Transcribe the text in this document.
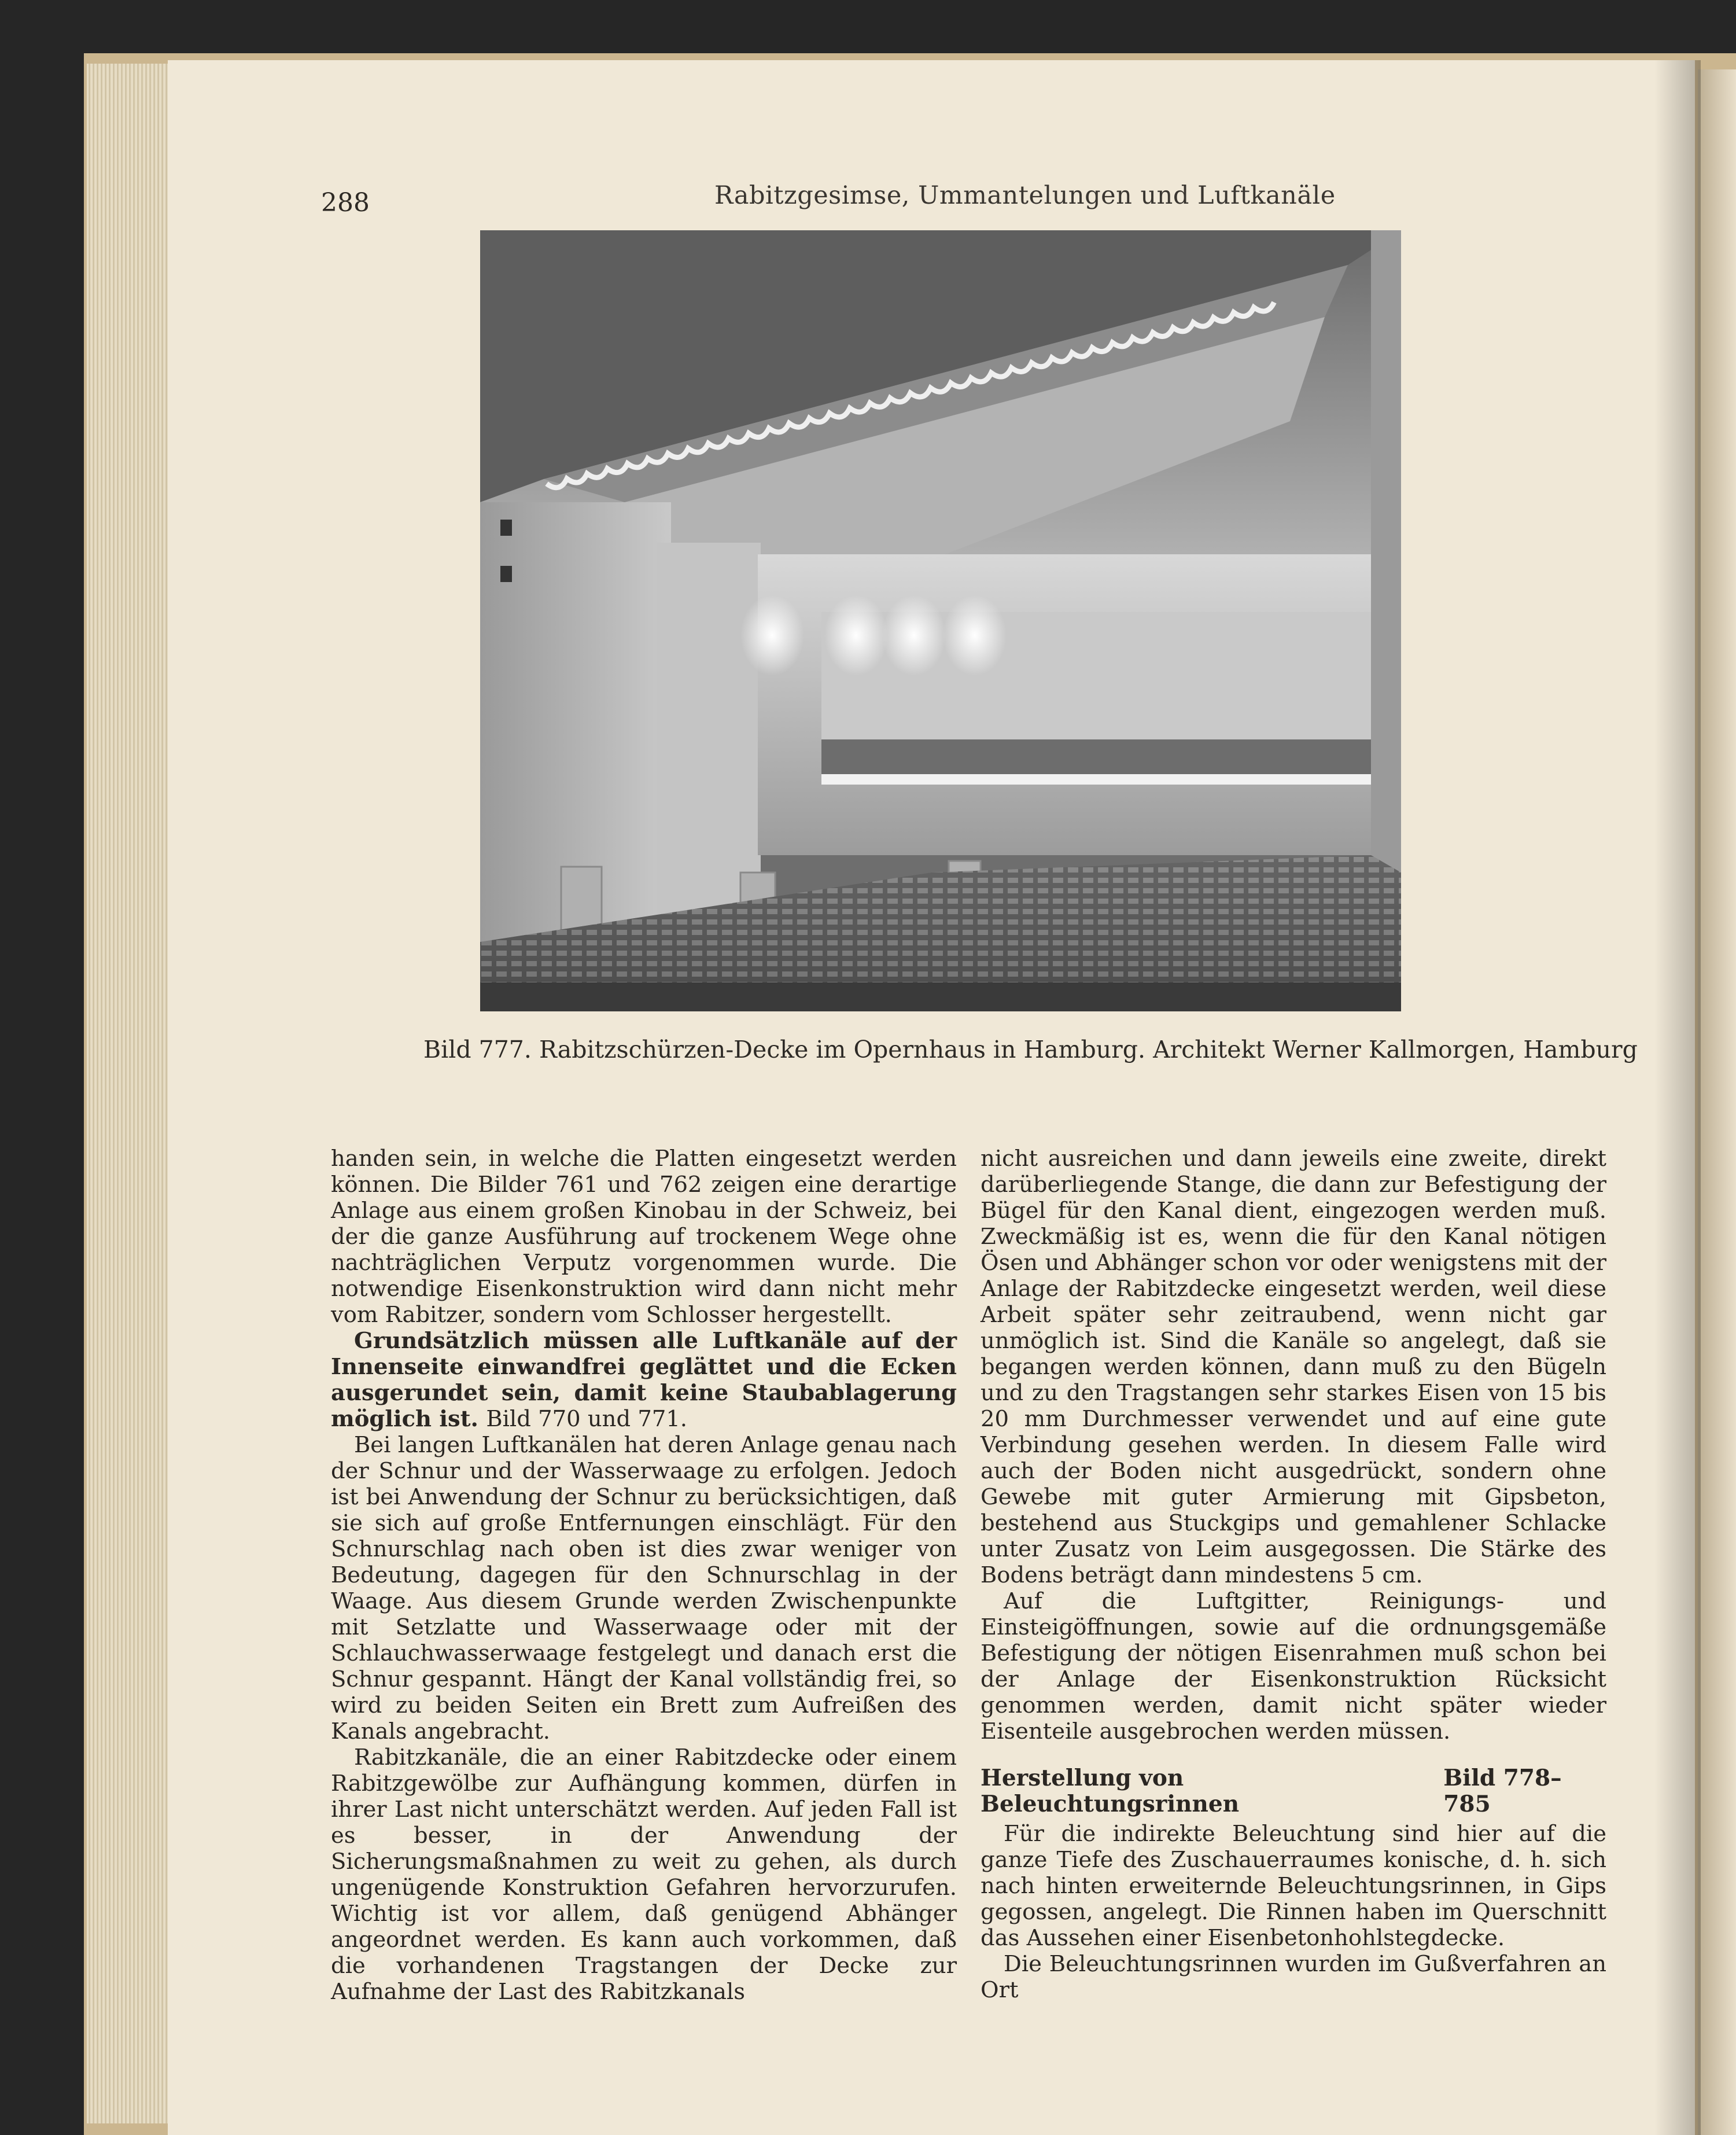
288	Rabitzgesimse, Ummantelungen und Luftkanäle
Bild 777. Rabitzschürzen-Decke im Opernhaus in Hamburg. Architekt Werner Kallmorgen, Hamburg

handen sein, in welche die Platten eingesetzt werden können. Die Bilder 761 und 762 zeigen eine derartige Anlage aus einem großen Kinobau in der Schweiz, bei der die ganze Ausführung auf trockenem Wege ohne nachträglichen Verputz vorgenommen wurde. Die notwendige Eisenkonstruktion wird dann nicht mehr vom Rabitzer, sondern vom Schlosser hergestellt.

Grundsätzlich müssen alle Luftkanäle auf der Innenseite einwandfrei geglättet und die Ecken ausgerundet sein, damit keine Staubablagerung möglich ist. Bild 770 und 771.

Bei langen Luftkanälen hat deren Anlage genau nach der Schnur und der Wasserwaage zu erfolgen. Jedoch ist bei Anwendung der Schnur zu berücksichtigen, daß sie sich auf große Entfernungen einschlägt. Für den Schnurschlag nach oben ist dies zwar weniger von Bedeutung, dagegen für den Schnurschlag in der Waage. Aus diesem Grunde werden Zwischenpunkte mit Setzlatte und Wasserwaage oder mit der Schlauchwasserwaage festgelegt und danach erst die Schnur gespannt. Hängt der Kanal vollständig frei, so wird zu beiden Seiten ein Brett zum Aufreißen des Kanals angebracht.

Rabitzkanäle, die an einer Rabitzdecke oder einem Rabitzgewölbe zur Aufhängung kommen, dürfen in ihrer Last nicht unterschätzt werden. Auf jeden Fall ist es besser, in der Anwendung der Sicherungsmaßnahmen zu weit zu gehen, als durch ungenügende Konstruktion Gefahren hervorzurufen. Wichtig ist vor allem, daß genügend Abhänger angeordnet werden. Es kann auch vorkommen, daß die vorhandenen Tragstangen der Decke zur Aufnahme der Last des Rabitzkanals

nicht ausreichen und dann jeweils eine zweite, direkt darüberliegende Stange, die dann zur Befestigung der Bügel für den Kanal dient, eingezogen werden muß. Zweckmäßig ist es, wenn die für den Kanal nötigen Ösen und Abhänger schon vor oder wenigstens mit der Anlage der Rabitzdecke eingesetzt werden, weil diese Arbeit später sehr zeitraubend, wenn nicht gar unmöglich ist. Sind die Kanäle so angelegt, daß sie begangen werden können, dann muß zu den Bügeln und zu den Tragstangen sehr starkes Eisen von 15 bis 20 mm Durchmesser verwendet und auf eine gute Verbindung gesehen werden. In diesem Falle wird auch der Boden nicht ausgedrückt, sondern ohne Gewebe mit guter Armierung mit Gipsbeton, bestehend aus Stuckgips und gemahlener Schlacke unter Zusatz von Leim ausgegossen. Die Stärke des Bodens beträgt dann mindestens 5 cm.

Auf die Luftgitter, Reinigungs- und Einsteigöffnungen, sowie auf die ordnungsgemäße Befestigung der nötigen Eisenrahmen muß schon bei der Anlage der Eisenkonstruktion Rücksicht genommen werden, damit nicht später wieder Eisenteile ausgebrochen werden müssen.

Herstellung von Beleuchtungsrinnen
Bild 778–785

Für die indirekte Beleuchtung sind hier auf die ganze Tiefe des Zuschauerraumes konische, d. h. sich nach hinten erweiternde Beleuchtungsrinnen, in Gips gegossen, angelegt. Die Rinnen haben im Querschnitt das Aussehen einer Eisenbetonhohlstegdecke.

Die Beleuchtungsrinnen wurden im Gußverfahren an Ort
